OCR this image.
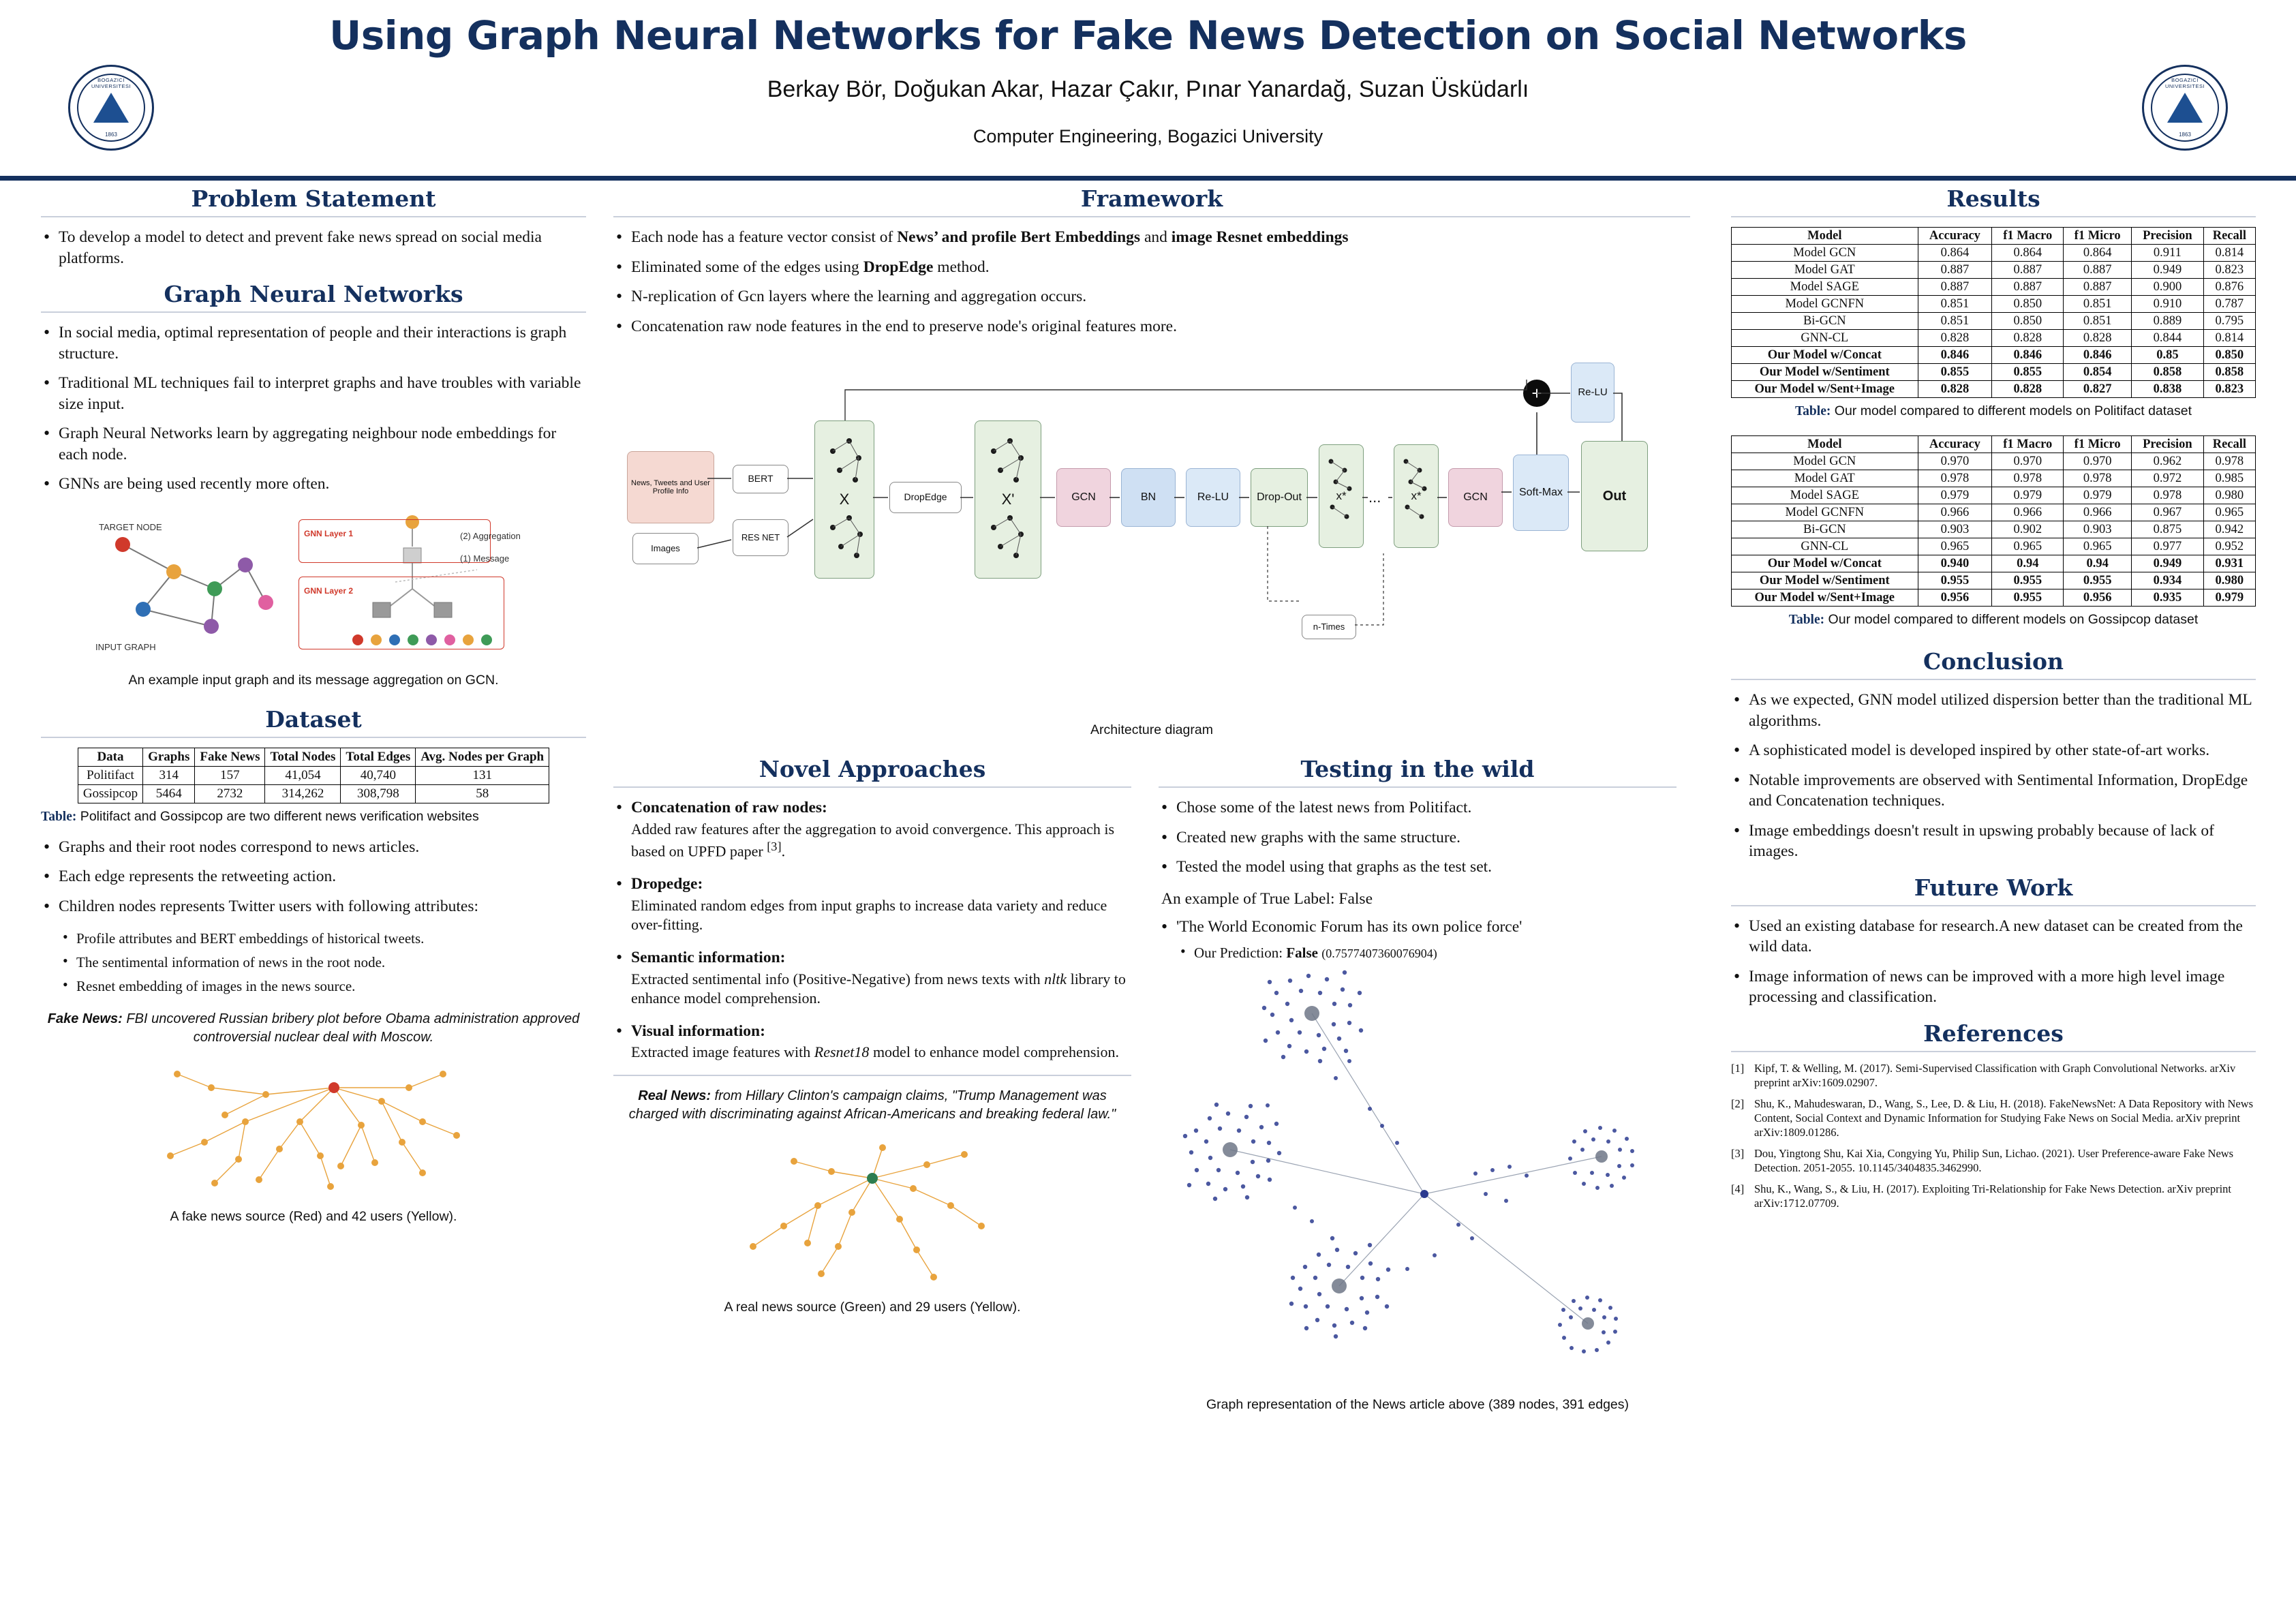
Using Graph Neural Networks for Fake News Detection on Social Networks
Berkay Bör, Doğukan Akar, Hazar Çakır, Pınar Yanardağ, Suzan Üsküdarlı
Computer Engineering, Bogazici University
BOGAZICI UNIVERSITESI
1863
BOGAZICI UNIVERSITESI
1863
Problem Statement
• To develop a model to detect and prevent fake news spread on social media platforms.
Graph Neural Networks
• In social media, optimal representation of people and their interactions is graph structure.
• Traditional ML techniques fail to interpret graphs and have troubles with variable size input.
• Graph Neural Networks learn by aggregating neighbour node embeddings for each node.
• GNNs are being used recently more often.
TARGET NODE
INPUT GRAPH
GNN Layer 1
GNN Layer 2
(2) Aggregation
(1) Message
An example input graph and its message aggregation on GCN.
Dataset
Data	Graphs	Fake News	Total Nodes	Total Edges	Avg. Nodes per Graph
Politifact	314	157	41,054	40,740	131
Gossipcop	5464	2732	314,262	308,798	58
Table: Politifact and Gossipcop are two different news verification websites
• Graphs and their root nodes correspond to news articles.
• Each edge represents the retweeting action.
• Children nodes represents Twitter users with following attributes:
• Profile attributes and BERT embeddings of historical tweets.
• The sentimental information of news in the root node.
• Resnet embedding of images in the news source.
Fake News: FBI uncovered Russian bribery plot before Obama administration approved controversial nuclear deal with Moscow.
A fake news source (Red) and 42 users (Yellow).
Framework
• Each node has a feature vector consist of News’ and profile Bert Embeddings and image Resnet embeddings
• Eliminated some of the edges using DropEdge method.
• N-replication of Gcn layers where the learning and aggregation occurs.
• Concatenation raw node features in the end to preserve node's original features more.
News, Tweets and User Profile Info
Images
BERT
RES NET
X	DropEdge	X'	GCN	BN	Re-LU	Drop-Out	x* ...	x*	GCN	Soft-Max
Re-LU
Out
+
n-Times
Architecture diagram
Novel Approaches
• Concatenation of raw nodes:
Added raw features after the aggregation to avoid convergence. This approach is based on UPFD paper [3].
• Dropedge:
Eliminated random edges from input graphs to increase data variety and reduce over-fitting.
• Semantic information:
Extracted sentimental info (Positive-Negative) from news texts with nltk library to enhance model comprehension.
• Visual information:
Extracted image features with Resnet18 model to enhance model comprehension.
Real News: from Hillary Clinton's campaign claims, "Trump Management was charged with discriminating against African-Americans and breaking federal law."
A real news source (Green) and 29 users (Yellow).
Testing in the wild
• Chose some of the latest news from Politifact.
• Created new graphs with the same structure.
• Tested the model using that graphs as the test set.
An example of True Label: False
• 'The World Economic Forum has its own police force'
• Our Prediction: False (0.7577407360076904)
Graph representation of the News article above (389 nodes, 391 edges)
Results
Model	Accuracy	f1 Macro	f1 Micro	Precision	Recall
Model GCN	0.864	0.864	0.864	0.911	0.814
Model GAT	0.887	0.887	0.887	0.949	0.823
Model SAGE	0.887	0.887	0.887	0.900	0.876
Model GCNFN	0.851	0.850	0.851	0.910	0.787
Bi-GCN	0.851	0.850	0.851	0.889	0.795
GNN-CL	0.828	0.828	0.828	0.844	0.814
Our Model w/Concat	0.846	0.846	0.846	0.85	0.850
Our Model w/Sentiment	0.855	0.855	0.854	0.858	0.858
Our Model w/Sent+Image	0.828	0.828	0.827	0.838	0.823
Table: Our model compared to different models on Politifact dataset
Model	Accuracy	f1 Macro	f1 Micro	Precision	Recall
Model GCN	0.970	0.970	0.970	0.962	0.978
Model GAT	0.978	0.978	0.978	0.972	0.985
Model SAGE	0.979	0.979	0.979	0.978	0.980
Model GCNFN	0.966	0.966	0.966	0.967	0.965
Bi-GCN	0.903	0.902	0.903	0.875	0.942
GNN-CL	0.965	0.965	0.965	0.977	0.952
Our Model w/Concat	0.940	0.94	0.94	0.949	0.931
Our Model w/Sentiment	0.955	0.955	0.955	0.934	0.980
Our Model w/Sent+Image	0.956	0.955	0.956	0.935	0.979
Table: Our model compared to different models on Gossipcop dataset
Conclusion
• As we expected, GNN model utilized dispersion better than the traditional ML algorithms.
• A sophisticated model is developed inspired by other state-of-art works.
• Notable improvements are observed with Sentimental Information, DropEdge and Concatenation techniques.
• Image embeddings doesn't result in upswing probably because of lack of images.
Future Work
• Used an existing database for research.A new dataset can be created from the wild data.
• Image information of news can be improved with a more high level image processing and classification.
References
[1] Kipf, T. & Welling, M. (2017). Semi-Supervised Classification with Graph Convolutional Networks. arXiv preprint arXiv:1609.02907.
[2] Shu, K., Mahudeswaran, D., Wang, S., Lee, D. & Liu, H. (2018). FakeNewsNet: A Data Repository with News Content, Social Context and Dynamic Information for Studying Fake News on Social Media. arXiv preprint arXiv:1809.01286.
[3] Dou, Yingtong Shu, Kai Xia, Congying Yu, Philip Sun, Lichao. (2021). User Preference-aware Fake News Detection. 2051-2055. 10.1145/3404835.3462990.
[4] Shu, K., Wang, S., & Liu, H. (2017). Exploiting Tri-Relationship for Fake News Detection. arXiv preprint arXiv:1712.07709.
